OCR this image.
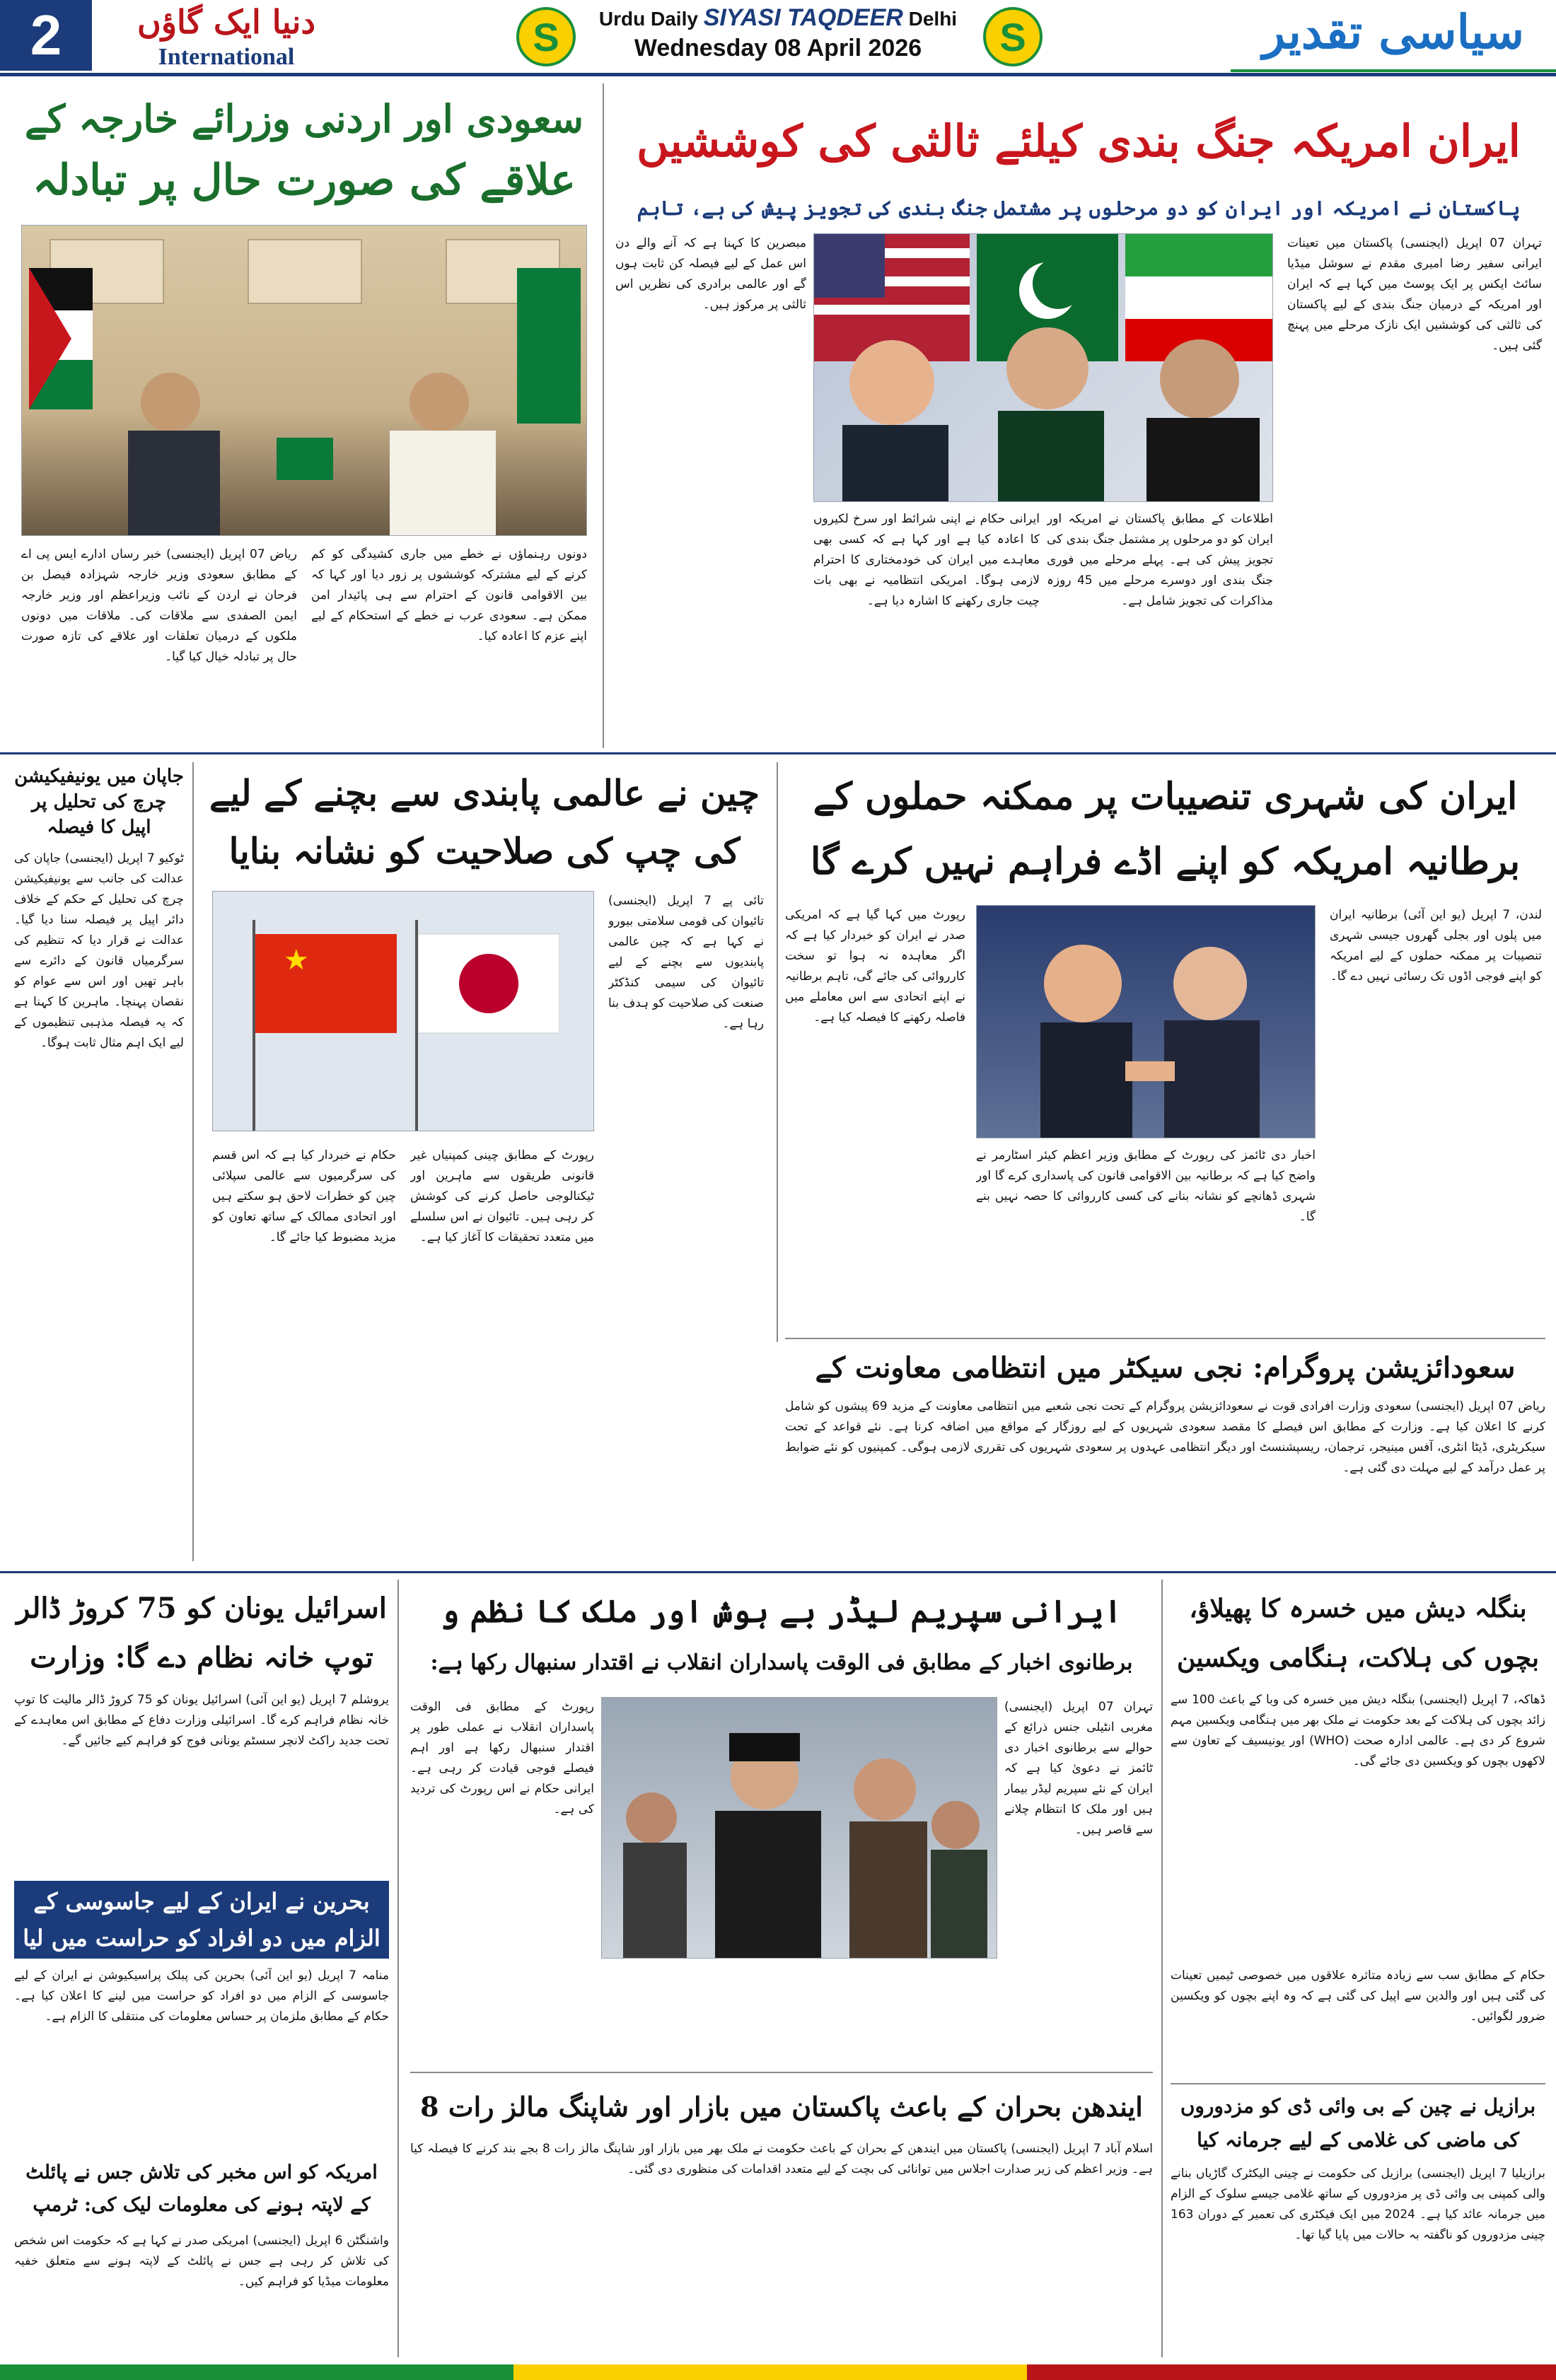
2	دنیا ایک گاؤں
International	S	Urdu Daily SIYASI TAQDEER Delhi
Wednesday 08 April 2026	S	سیاسی تقدیر
سعودی اور اردنی وزرائے خارجہ کے
علاقے کی صورت حال پر تبادلہ
ریاض 07 اپریل (ایجنسی) خبر رساں ادارے ایس پی اے کے مطابق سعودی وزیر خارجہ شہزادہ فیصل بن فرحان نے اردن کے نائب وزیراعظم اور وزیر خارجہ ایمن الصفدی سے ملاقات کی۔ ملاقات میں دونوں ملکوں کے درمیان تعلقات اور علاقے کی تازہ صورت حال پر تبادلہ خیال کیا گیا۔
دونوں رہنماؤں نے خطے میں جاری کشیدگی کو کم کرنے کے لیے مشترکہ کوششوں پر زور دیا اور کہا کہ بین الاقوامی قانون کے احترام سے ہی پائیدار امن ممکن ہے۔ سعودی عرب نے خطے کے استحکام کے لیے اپنے عزم کا اعادہ کیا۔
ایران امریکہ جنگ بندی کیلئے ثالثی کی کوششیں
پاکستان نے امریکہ اور ایران کو دو مرحلوں پر مشتمل جنگ بندی کی تجویز پیش کی ہے، تاہم
تہران 07 اپریل (ایجنسی) پاکستان میں تعینات ایرانی سفیر رضا امیری مقدم نے سوشل میڈیا سائٹ ایکس پر ایک پوسٹ میں کہا ہے کہ ایران اور امریکہ کے درمیان جنگ بندی کے لیے پاکستان کی ثالثی کی کوششیں ایک نازک مرحلے میں پہنچ گئی ہیں۔
ایرانی حکام نے اپنی شرائط اور سرخ لکیروں کا اعادہ کیا ہے اور کہا ہے کہ کسی بھی معاہدے میں ایران کی خودمختاری کا احترام لازمی ہوگا۔ امریکی انتظامیہ نے بھی بات چیت جاری رکھنے کا اشارہ دیا ہے۔
اطلاعات کے مطابق پاکستان نے امریکہ اور ایران کو دو مرحلوں پر مشتمل جنگ بندی کی تجویز پیش کی ہے۔ پہلے مرحلے میں فوری جنگ بندی اور دوسرے مرحلے میں 45 روزہ مذاکرات کی تجویز شامل ہے۔
مبصرین کا کہنا ہے کہ آنے والے دن اس عمل کے لیے فیصلہ کن ثابت ہوں گے اور عالمی برادری کی نظریں اس ثالثی پر مرکوز ہیں۔
جاپان میں یونیفیکیشن چرچ کی تحلیل پر اپیل کا فیصلہ
ٹوکیو 7 اپریل (ایجنسی) جاپان کی عدالت کی جانب سے یونیفیکیشن چرچ کی تحلیل کے حکم کے خلاف دائر اپیل پر فیصلہ سنا دیا گیا۔ عدالت نے قرار دیا کہ تنظیم کی سرگرمیاں قانون کے دائرے سے باہر تھیں اور اس سے عوام کو نقصان پہنچا۔ ماہرین کا کہنا ہے کہ یہ فیصلہ مذہبی تنظیموں کے لیے ایک اہم مثال ثابت ہوگا۔
چین نے عالمی پابندی سے بچنے کے لیے
کی چپ کی صلاحیت کو نشانہ بنایا
★
تائی پے 7 اپریل (ایجنسی) تائیوان کی قومی سلامتی بیورو نے کہا ہے کہ چین عالمی پابندیوں سے بچنے کے لیے تائیوان کی سیمی کنڈکٹر صنعت کی صلاحیت کو ہدف بنا رہا ہے۔
حکام نے خبردار کیا ہے کہ اس قسم کی سرگرمیوں سے عالمی سپلائی چین کو خطرات لاحق ہو سکتے ہیں اور اتحادی ممالک کے ساتھ تعاون کو مزید مضبوط کیا جائے گا۔
رپورٹ کے مطابق چینی کمپنیاں غیر قانونی طریقوں سے ماہرین اور ٹیکنالوجی حاصل کرنے کی کوشش کر رہی ہیں۔ تائیوان نے اس سلسلے میں متعدد تحقیقات کا آغاز کیا ہے۔
ایران کی شہری تنصیبات پر ممکنہ حملوں کے
برطانیہ امریکہ کو اپنے اڈے فراہم نہیں کرے گا
لندن، 7 اپریل (یو این آئی) برطانیہ ایران میں پلوں اور بجلی گھروں جیسی شہری تنصیبات پر ممکنہ حملوں کے لیے امریکہ کو اپنے فوجی اڈوں تک رسائی نہیں دے گا۔
اخبار دی ٹائمز کی رپورٹ کے مطابق وزیر اعظم کیئر اسٹارمر نے واضح کیا ہے کہ برطانیہ بین الاقوامی قانون کی پاسداری کرے گا اور شہری ڈھانچے کو نشانہ بنانے کی کسی کارروائی کا حصہ نہیں بنے گا۔
رپورٹ میں کہا گیا ہے کہ امریکی صدر نے ایران کو خبردار کیا ہے کہ اگر معاہدہ نہ ہوا تو سخت کارروائی کی جائے گی، تاہم برطانیہ نے اپنے اتحادی سے اس معاملے میں فاصلہ رکھنے کا فیصلہ کیا ہے۔
سعودائزیشن پروگرام: نجی سیکٹر میں انتظامی معاونت کے
ریاض 07 اپریل (ایجنسی) سعودی وزارت افرادی قوت نے سعودائزیشن پروگرام کے تحت نجی شعبے میں انتظامی معاونت کے مزید 69 پیشوں کو شامل کرنے کا اعلان کیا ہے۔ وزارت کے مطابق اس فیصلے کا مقصد سعودی شہریوں کے لیے روزگار کے مواقع میں اضافہ کرنا ہے۔ نئے قواعد کے تحت سیکریٹری، ڈیٹا انٹری، آفس مینیجر، ترجمان، ریسپشنسٹ اور دیگر انتظامی عہدوں پر سعودی شہریوں کی تقرری لازمی ہوگی۔ کمپنیوں کو نئے ضوابط پر عمل درآمد کے لیے مہلت دی گئی ہے۔
اسرائیل یونان کو 75 کروڑ ڈالر
توپ خانہ نظام دے گا: وزارت
یروشلم 7 اپریل (یو این آئی) اسرائیل یونان کو 75 کروڑ ڈالر مالیت کا توپ خانہ نظام فراہم کرے گا۔ اسرائیلی وزارت دفاع کے مطابق اس معاہدے کے تحت جدید راکٹ لانچر سسٹم یونانی فوج کو فراہم کیے جائیں گے۔
بحرین نے ایران کے لیے جاسوسی کے الزام میں دو افراد کو حراست میں لیا
منامہ 7 اپریل (یو این آئی) بحرین کی پبلک پراسیکیوشن نے ایران کے لیے جاسوسی کے الزام میں دو افراد کو حراست میں لینے کا اعلان کیا ہے۔ حکام کے مطابق ملزمان پر حساس معلومات کی منتقلی کا الزام ہے۔
امریکہ کو اس مخبر کی تلاش جس نے پائلٹ کے لاپتہ ہونے کی معلومات لیک کی: ٹرمپ
واشنگٹن 6 اپریل (ایجنسی) امریکی صدر نے کہا ہے کہ حکومت اس شخص کی تلاش کر رہی ہے جس نے پائلٹ کے لاپتہ ہونے سے متعلق خفیہ معلومات میڈیا کو فراہم کیں۔
ایرانی سپریم لیڈر بے ہوش اور ملک کا نظم و
برطانوی اخبار کے مطابق فی الوقت پاسداران انقلاب نے اقتدار سنبھال رکھا ہے:
تہران 07 اپریل (ایجنسی) مغربی انٹیلی جنس ذرائع کے حوالے سے برطانوی اخبار دی ٹائمز نے دعویٰ کیا ہے کہ ایران کے نئے سپریم لیڈر بیمار ہیں اور ملک کا انتظام چلانے سے قاصر ہیں۔
رپورٹ کے مطابق فی الوقت پاسداران انقلاب نے عملی طور پر اقتدار سنبھال رکھا ہے اور اہم فیصلے فوجی قیادت کر رہی ہے۔ ایرانی حکام نے اس رپورٹ کی تردید کی ہے۔
ایندھن بحران کے باعث پاکستان میں بازار اور شاپنگ مالز رات 8
اسلام آباد 7 اپریل (ایجنسی) پاکستان میں ایندھن کے بحران کے باعث حکومت نے ملک بھر میں بازار اور شاپنگ مالز رات 8 بجے بند کرنے کا فیصلہ کیا ہے۔ وزیر اعظم کی زیر صدارت اجلاس میں توانائی کی بچت کے لیے متعدد اقدامات کی منظوری دی گئی۔
بنگلہ دیش میں خسرہ کا پھیلاؤ،
بچوں کی ہلاکت، ہنگامی ویکسین
ڈھاکہ، 7 اپریل (ایجنسی) بنگلہ دیش میں خسرہ کی وبا کے باعث 100 سے زائد بچوں کی ہلاکت کے بعد حکومت نے ملک بھر میں ہنگامی ویکسین مہم شروع کر دی ہے۔ عالمی ادارہ صحت (WHO) اور یونیسیف کے تعاون سے لاکھوں بچوں کو ویکسین دی جائے گی۔
حکام کے مطابق سب سے زیادہ متاثرہ علاقوں میں خصوصی ٹیمیں تعینات کی گئی ہیں اور والدین سے اپیل کی گئی ہے کہ وہ اپنے بچوں کو ویکسین ضرور لگوائیں۔
برازیل نے چین کے بی وائی ڈی کو مزدوروں کی ماضی کی غلامی کے لیے جرمانہ کیا
برازیلیا 7 اپریل (ایجنسی) برازیل کی حکومت نے چینی الیکٹرک گاڑیاں بنانے والی کمپنی بی وائی ڈی پر مزدوروں کے ساتھ غلامی جیسے سلوک کے الزام میں جرمانہ عائد کیا ہے۔ 2024 میں ایک فیکٹری کی تعمیر کے دوران 163 چینی مزدوروں کو ناگفتہ بہ حالات میں پایا گیا تھا۔
